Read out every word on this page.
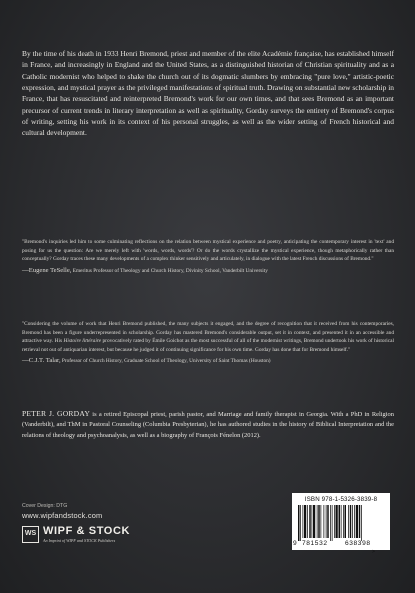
By the time of his death in 1933 Henri Bremond, priest and member of the elite Académie française, has established himself in France, and increasingly in England and the United States, as a distinguished historian of Christian spirituality and as a Catholic modernist who helped to shake the church out of its dogmatic slumbers by embracing "pure love," artistic-poetic expression, and mystical prayer as the privileged manifestations of spiritual truth. Drawing on substantial new scholarship in France, that has resuscitated and reinterpreted Bremond's work for our own times, and that sees Bremond as an important precursor of current trends in literary interpretation as well as spirituality, Gorday surveys the entirety of Bremond's corpus of writing, setting his work in its context of his personal struggles, as well as the wider setting of French historical and cultural development.
"Bremond's inquiries led him to some culminating reflections on the relation between mystical experience and poetry, anticipating the contemporary interest in 'text' and posing for us the question: Are we merely left with 'words, words, words'? Or do the words crystallize the mystical experience, though metaphorically rather than conceptually? Gorday traces these many developments of a complex thinker sensitively and articulately, in dialogue with the latest French discussions of Bremond."
—Eugene TeSelle, Emeritus Professor of Theology and Church History, Divinity School, Vanderbilt University
"Considering the volume of work that Henri Bremond published, the many subjects it engaged, and the degree of recognition that it received from his contemporaries, Bremond has been a figure underrepresented in scholarship. Gorday has mastered Bremond's considerable output, set it in context, and presented it in an accessible and attractive way. His Histoire littéraire provocatively rated by Émile Goichot as the most successful of all of the modernist writings, Bremond undertook his work of historical retrieval not out of antiquarian interest, but because he judged it of continuing significance for his own time. Gorday has done that for Bremond himself."
—C.J.T. Talar, Professor of Church History, Graduate School of Theology, University of Saint Thomas (Houston)
PETER J. GORDAY is a retired Episcopal priest, parish pastor, and Marriage and family therapist in Georgia. With a PhD in Religion (Vanderbilt), and ThM in Pastoral Counseling (Columbia Presbyterian), he has authored studies in the history of Biblical Interpretation and the relations of theology and psychoanalysis, as well as a biography of François Fénelon (2012).
Cover Design: DTG
www.wipfandstock.com
WS WIPF & STOCK
An Imprint of WIPF and STOCK Publishers
ISBN 978-1-5326-3839-8
9 781532	638398
>
